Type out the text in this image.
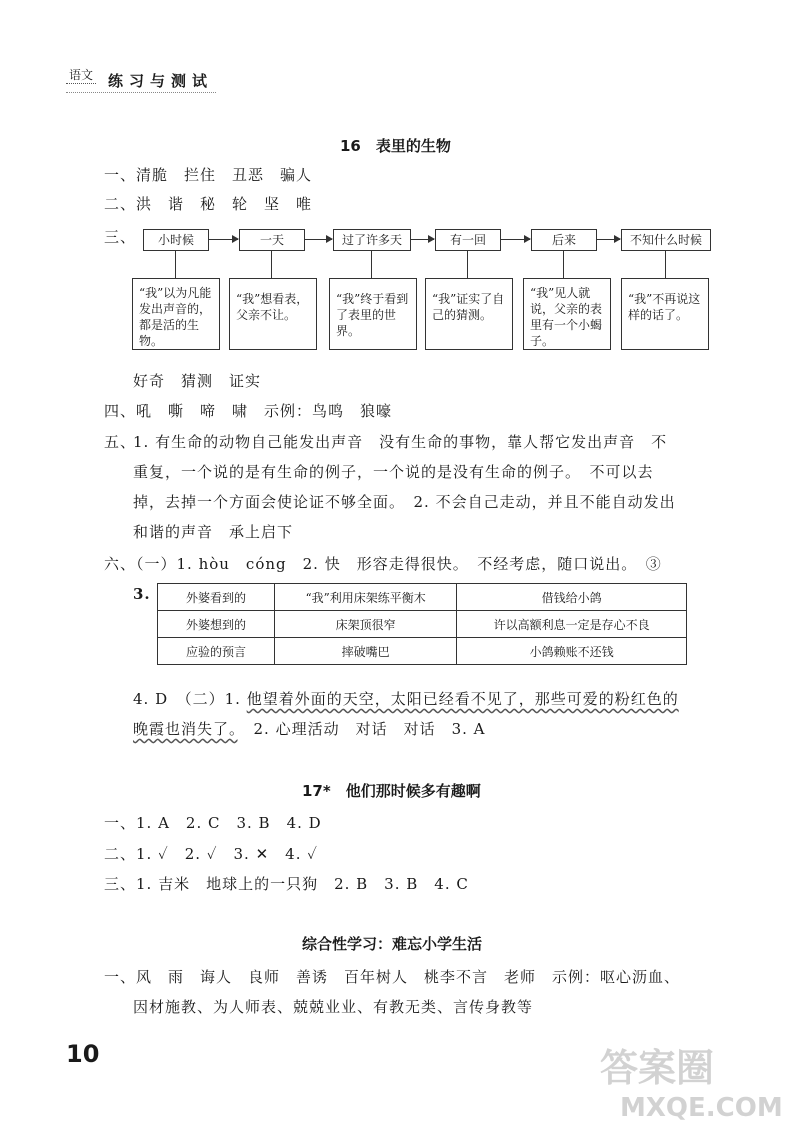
语文 练习与测试
16　表里的生物
一、清脆　拦住　丑恶　骗人
二、洪　谐　秘　轮　坚　唯
三、	小时候	一天	过了许多天	有一回	后来	不知什么时候
“我”以为凡能发出声音的，都是活的生物。
“我”想看表，父亲不让。
“我”终于看到了表里的世界。
“我”证实了自己的猜测。
“我”见人就说，父亲的表里有一个小蝎子。
“我”不再说这样的话了。
好奇　猜测　证实
四、吼　嘶　啼　啸　示例：鸟鸣　狼嚎
五、
1. 有生命的动物自己能发出声音　没有生命的事物，靠人帮它发出声音　不
重复，一个说的是有生命的例子，一个说的是没有生命的例子。　不可以去
掉，去掉一个方面会使论证不够全面。　2. 不会自己走动，并且不能自动发出
和谐的声音　承上启下
六、（一）1. hòu　cóng　2. 快　形容走得很快。　不经考虑，随口说出。　③
3.	外婆看到的	“我”利用床架练平衡木	借钱给小鸽
外婆想到的	床架顶很窄	许以高额利息一定是存心不良
应验的预言	摔破嘴巴	小鸽赖账不还钱
4. D　（二）1. 他望着外面的天空，太阳已经看不见了，那些可爱的粉红色的
晚霞也消失了。　2. 心理活动　对话　对话　3. A
17*　他们那时候多有趣啊
一、1. A　2. C　3. B　4. D
二、1. ✓　2. ✓　3. ✕　4. ✓
三、1. 吉米　地球上的一只狗　2. B　3. B　4. C
综合性学习：难忘小学生活
一、风　雨　诲人　良师　善诱　百年树人　桃李不言　老师　示例：呕心沥血、
因材施教、为人师表、兢兢业业、有教无类、言传身教等
10	答案圈
MXQE.COM
